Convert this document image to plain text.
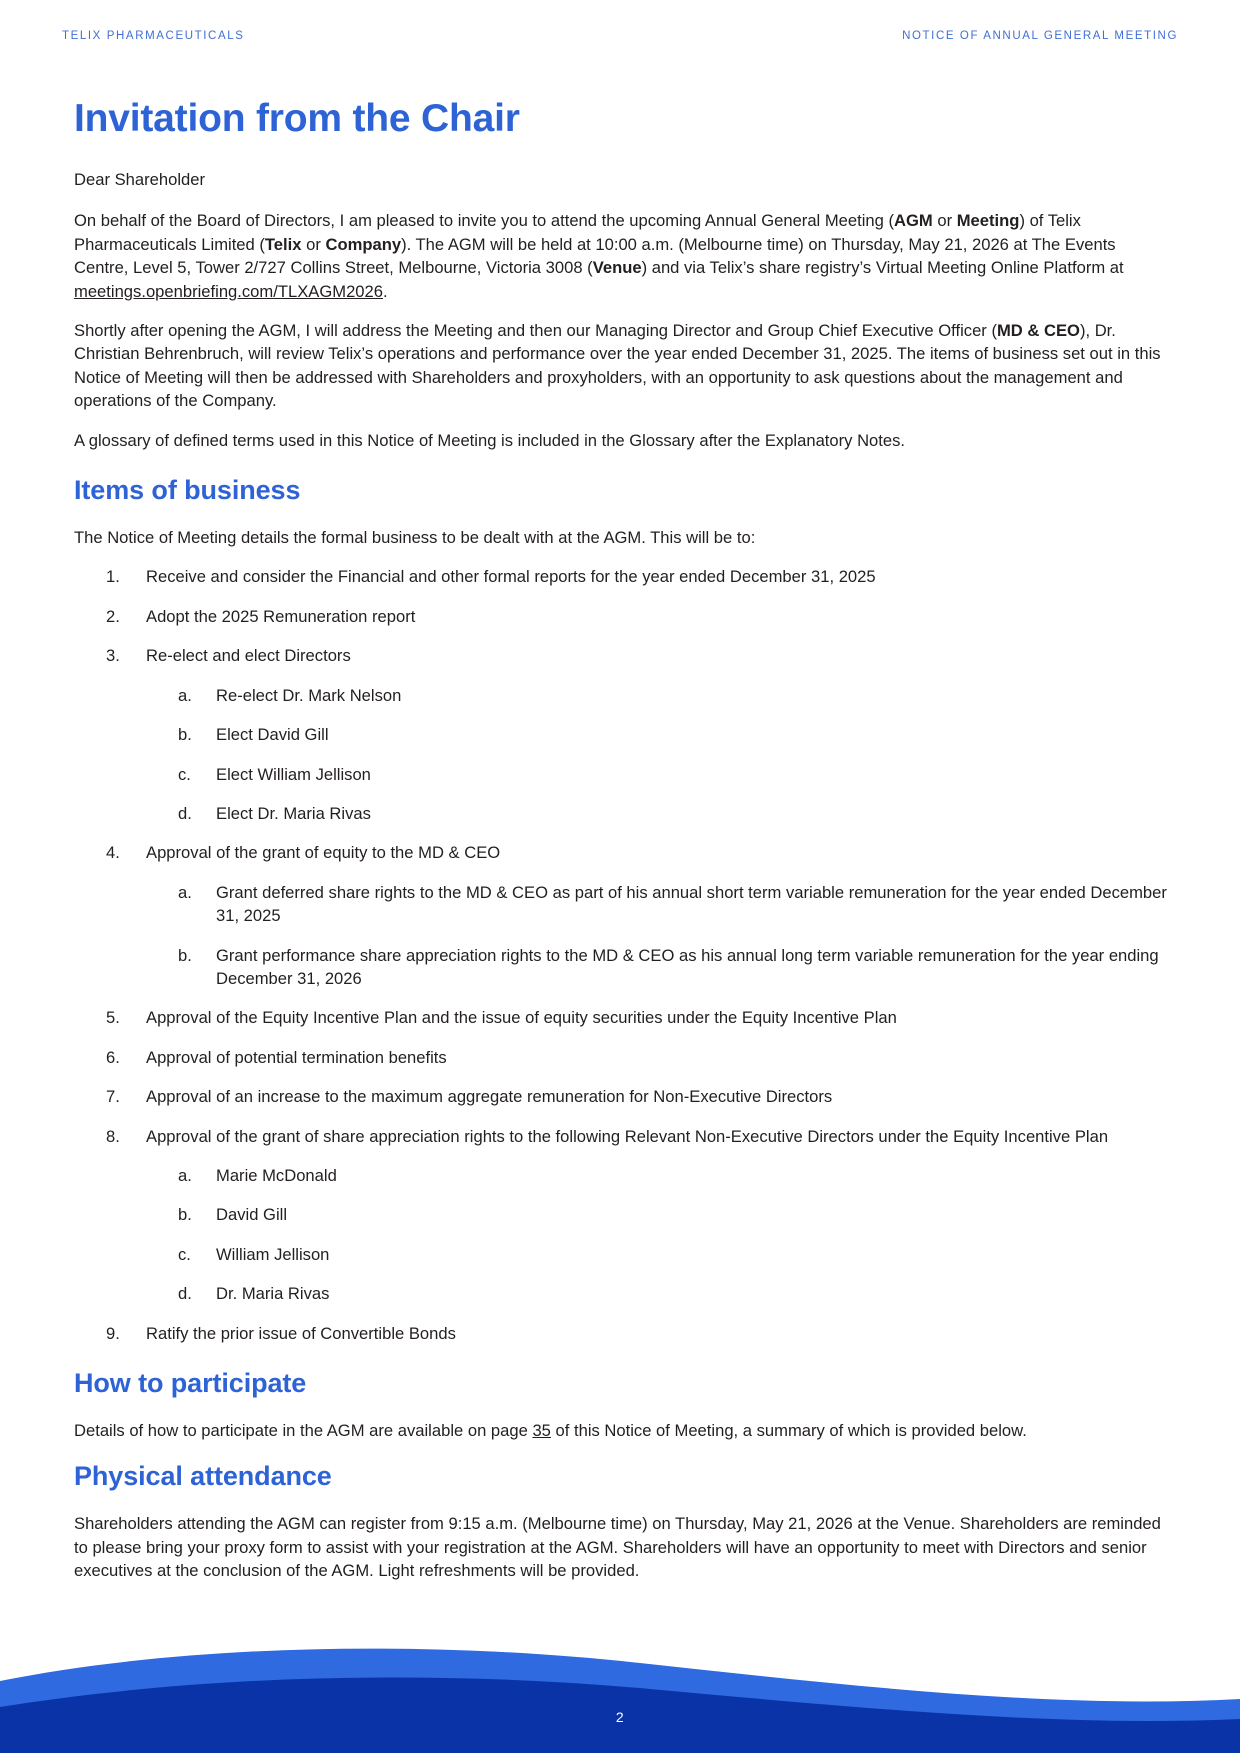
TELIX PHARMACEUTICALS	NOTICE OF ANNUAL GENERAL MEETING
Invitation from the Chair

Dear Shareholder

On behalf of the Board of Directors, I am pleased to invite you to attend the upcoming Annual General Meeting (AGM or Meeting) of Telix Pharmaceuticals Limited (Telix or Company). The AGM will be held at 10:00 a.m. (Melbourne time) on Thursday, May 21, 2026 at The Events Centre, Level 5, Tower 2/727 Collins Street, Melbourne, Victoria 3008 (Venue) and via Telix’s share registry’s Virtual Meeting Online Platform at meetings.openbriefing.com/TLXAGM2026.

Shortly after opening the AGM, I will address the Meeting and then our Managing Director and Group Chief Executive Officer (MD & CEO), Dr. Christian Behrenbruch, will review Telix’s operations and performance over the year ended December 31, 2025. The items of business set out in this Notice of Meeting will then be addressed with Shareholders and proxyholders, with an opportunity to ask questions about the management and operations of the Company.

A glossary of defined terms used in this Notice of Meeting is included in the Glossary after the Explanatory Notes.

Items of business

The Notice of Meeting details the formal business to be dealt with at the AGM. This will be to:

Receive and consider the Financial and other formal reports for the year ended December 31, 2025
Adopt the 2025 Remuneration report
Re-elect and elect Directors
Re-elect Dr. Mark Nelson
Elect David Gill
Elect William Jellison
Elect Dr. Maria Rivas
Approval of the grant of equity to the MD & CEO
Grant deferred share rights to the MD & CEO as part of his annual short term variable remuneration for the year ended December 31, 2025
Grant performance share appreciation rights to the MD & CEO as his annual long term variable remuneration for the year ending December 31, 2026
Approval of the Equity Incentive Plan and the issue of equity securities under the Equity Incentive Plan
Approval of potential termination benefits
Approval of an increase to the maximum aggregate remuneration for Non-Executive Directors
Approval of the grant of share appreciation rights to the following Relevant Non-Executive Directors under the Equity Incentive Plan
Marie McDonald
David Gill
William Jellison
Dr. Maria Rivas
Ratify the prior issue of Convertible Bonds
How to participate

Details of how to participate in the AGM are available on page 35 of this Notice of Meeting, a summary of which is provided below.

Physical attendance

Shareholders attending the AGM can register from 9:15 a.m. (Melbourne time) on Thursday, May 21, 2026 at the Venue. Shareholders are reminded to please bring your proxy form to assist with your registration at the AGM. Shareholders will have an opportunity to meet with Directors and senior executives at the conclusion of the AGM. Light refreshments will be provided.

2
